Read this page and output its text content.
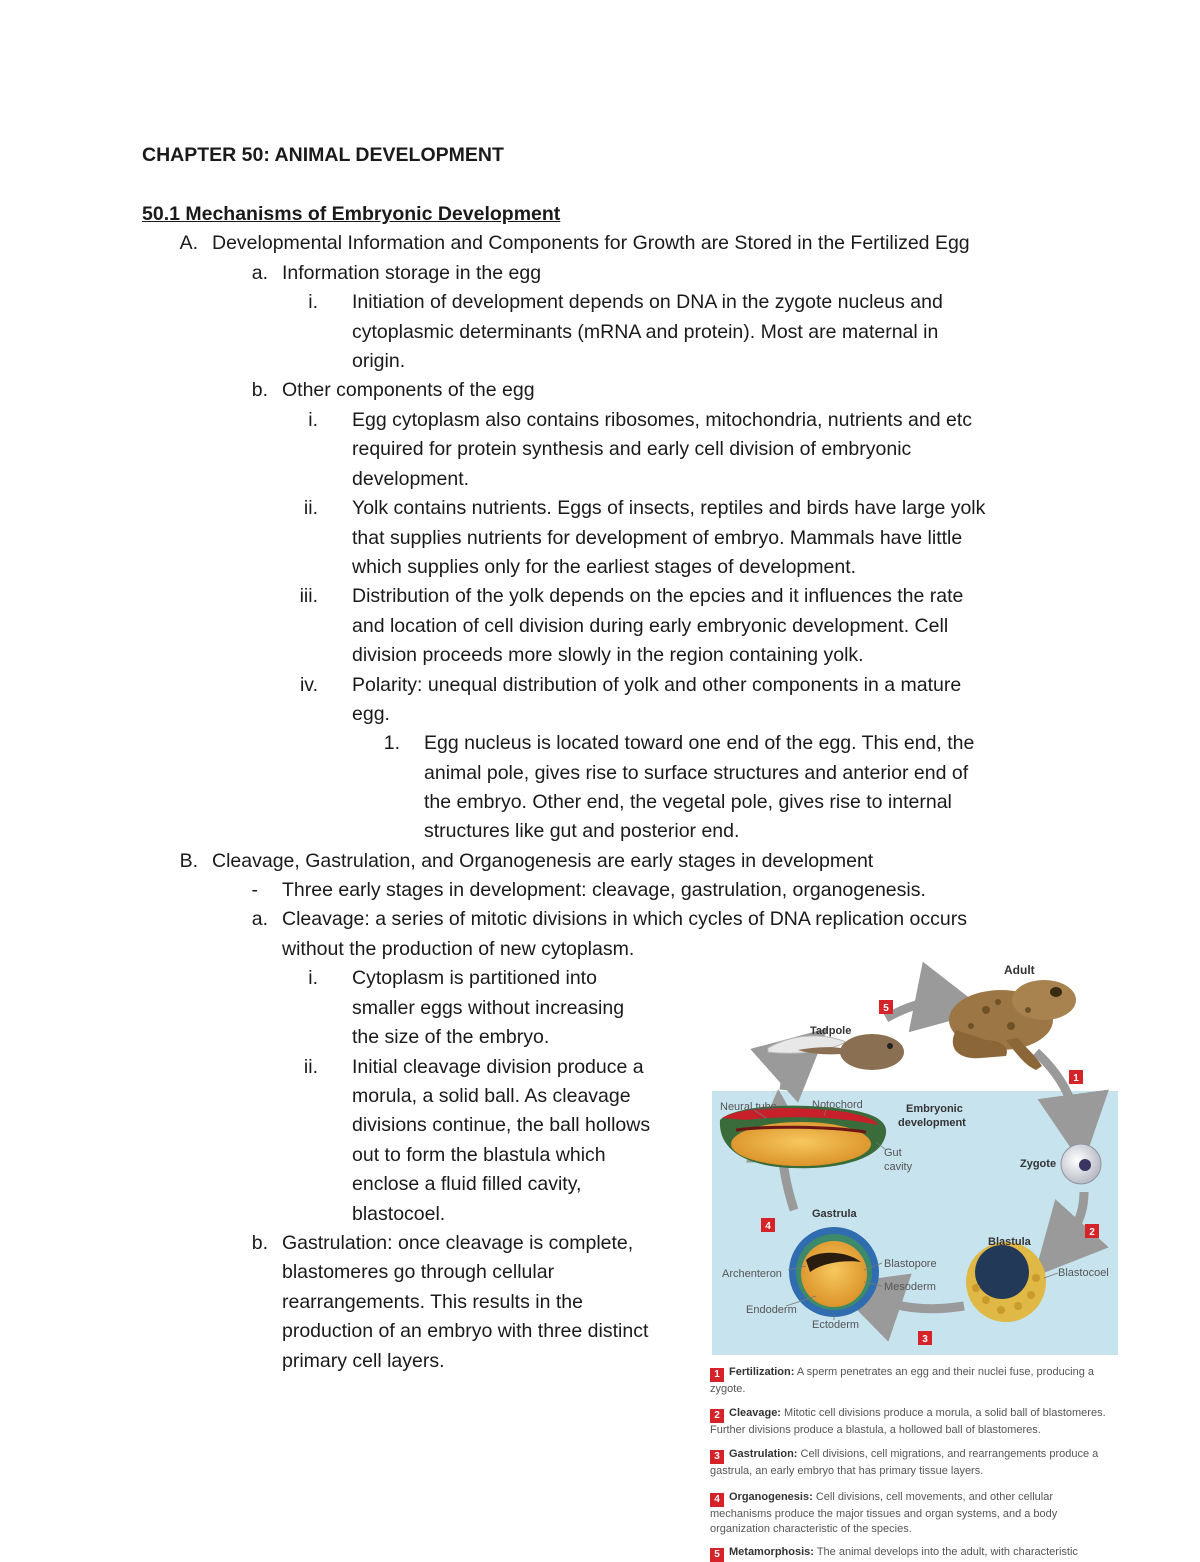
CHAPTER 50: ANIMAL DEVELOPMENT
50.1 Mechanisms of Embryonic Development
A. Developmental Information and Components for Growth are Stored in the Fertilized Egg
a. Information storage in the egg
i. Initiation of development depends on DNA in the zygote nucleus and
cytoplasmic determinants (mRNA and protein). Most are maternal in
origin.
b. Other components of the egg
i. Egg cytoplasm also contains ribosomes, mitochondria, nutrients and etc
required for protein synthesis and early cell division of embryonic
development.
ii. Yolk contains nutrients. Eggs of insects, reptiles and birds have large yolk
that supplies nutrients for development of embryo. Mammals have little
which supplies only for the earliest stages of development.
iii. Distribution of the yolk depends on the epcies and it influences the rate
and location of cell division during early embryonic development. Cell
division proceeds more slowly in the region containing yolk.
iv. Polarity: unequal distribution of yolk and other components in a mature
egg.
1. Egg nucleus is located toward one end of the egg. This end, the
animal pole, gives rise to surface structures and anterior end of
the embryo. Other end, the vegetal pole, gives rise to internal
structures like gut and posterior end.
B. Cleavage, Gastrulation, and Organogenesis are early stages in development
- Three early stages in development: cleavage, gastrulation, organogenesis.
a. Cleavage: a series of mitotic divisions in which cycles of DNA replication occurs
without the production of new cytoplasm.
i. Cytoplasm is partitioned into
smaller eggs without increasing
the size of the embryo.
ii. Initial cleavage division produce a
morula, a solid ball. As cleavage
divisions continue, the ball hollows
out to form the blastula which
enclose a fluid filled cavity,
blastocoel.
b. Gastrulation: once cleavage is complete,
blastomeres go through cellular
rearrangements. This results in the
production of an embryo with three distinct
primary cell layers.
Adult
Tadpole
Neural tube	Notochord	Embryonic
development
Gut
cavity	Zygote
Gastrula
Blastula
Archenteron
Blastopore
Mesoderm
Endoderm
Ectoderm
Blastocoel
5
1
2
3
4
1 Fertilization: A sperm penetrates an egg and their nuclei fuse, producing a zygote.
2 Cleavage: Mitotic cell divisions produce a morula, a solid ball of blastomeres. Further divisions produce a blastula, a hollowed ball of blastomeres.
3 Gastrulation: Cell divisions, cell migrations, and rearrangements produce a gastrula, an early embryo that has primary tissue layers.
4 Organogenesis: Cell divisions, cell movements, and other cellular mechanisms produce the major tissues and organ systems, and a body organization characteristic of the species.
5 Metamorphosis: The animal develops into the adult, with characteristic
